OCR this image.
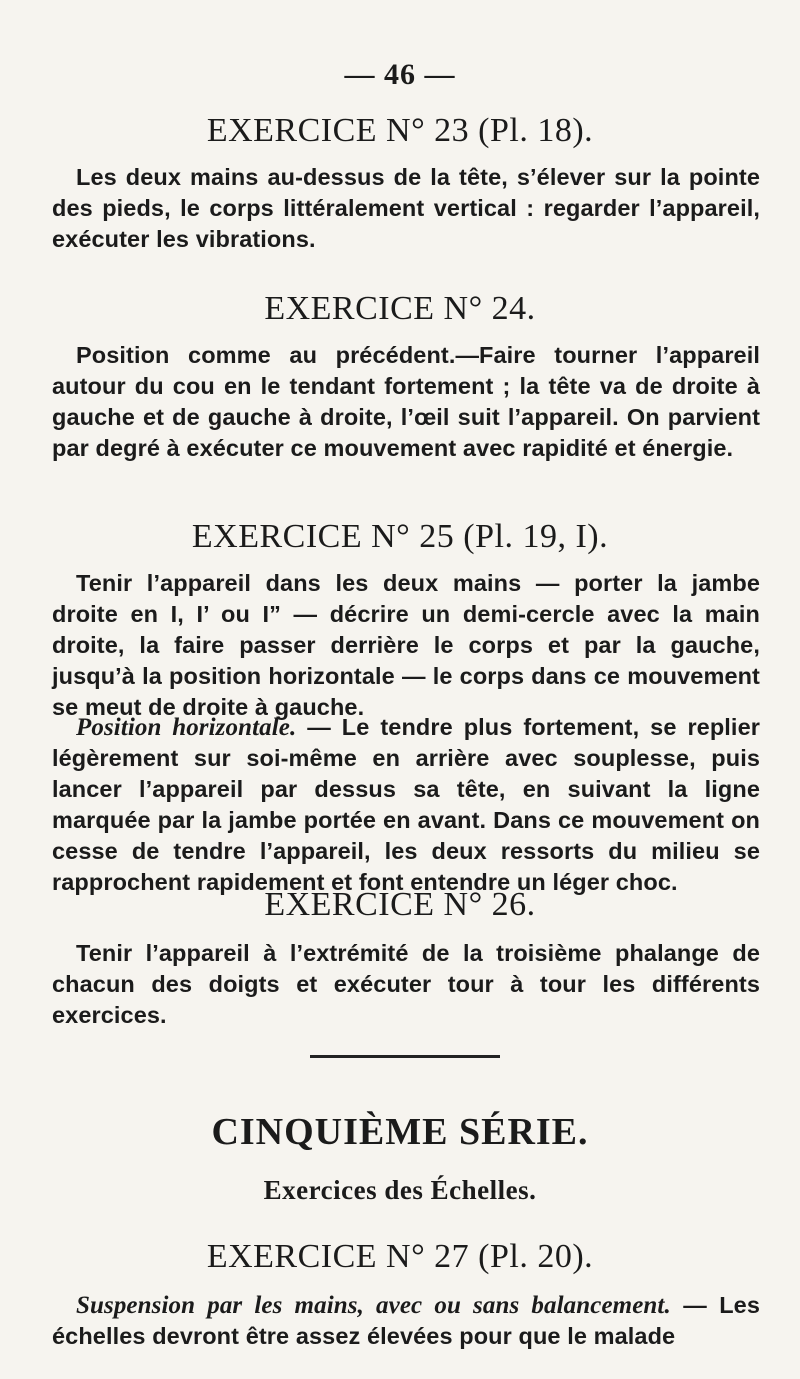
— 46 —
EXERCICE N° 23 (Pl. 18).
Les deux mains au-dessus de la tête, s’élever sur la pointe des pieds, le corps littéralement vertical : regarder l’appareil, exécuter les vibrations.
EXERCICE N° 24.
Position comme au précédent.—Faire tourner l’appareil autour du cou en le tendant fortement ; la tête va de droite à gauche et de gauche à droite, l’œil suit l’appareil. On parvient par degré à exécuter ce mouvement avec rapidité et énergie.
EXERCICE N° 25 (Pl. 19, I).
Tenir l’appareil dans les deux mains — porter la jambe droite en I, I’ ou I” — décrire un demi-cercle avec la main droite, la faire passer derrière le corps et par la gauche, jusqu’à la position horizontale — le corps dans ce mouvement se meut de droite à gauche.
Position horizontale. — Le tendre plus fortement, se replier légèrement sur soi-même en arrière avec souplesse, puis lancer l’appareil par dessus sa tête, en suivant la ligne marquée par la jambe portée en avant. Dans ce mouvement on cesse de tendre l’appareil, les deux ressorts du milieu se rapprochent rapidement et font entendre un léger choc.
EXERCICE N° 26.
Tenir l’appareil à l’extrémité de la troisième phalange de chacun des doigts et exécuter tour à tour les différents exercices.
CINQUIÈME SÉRIE.
Exercices des Échelles.
EXERCICE N° 27 (Pl. 20).
Suspension par les mains, avec ou sans balancement. — Les échelles devront être assez élevées pour que le malade
